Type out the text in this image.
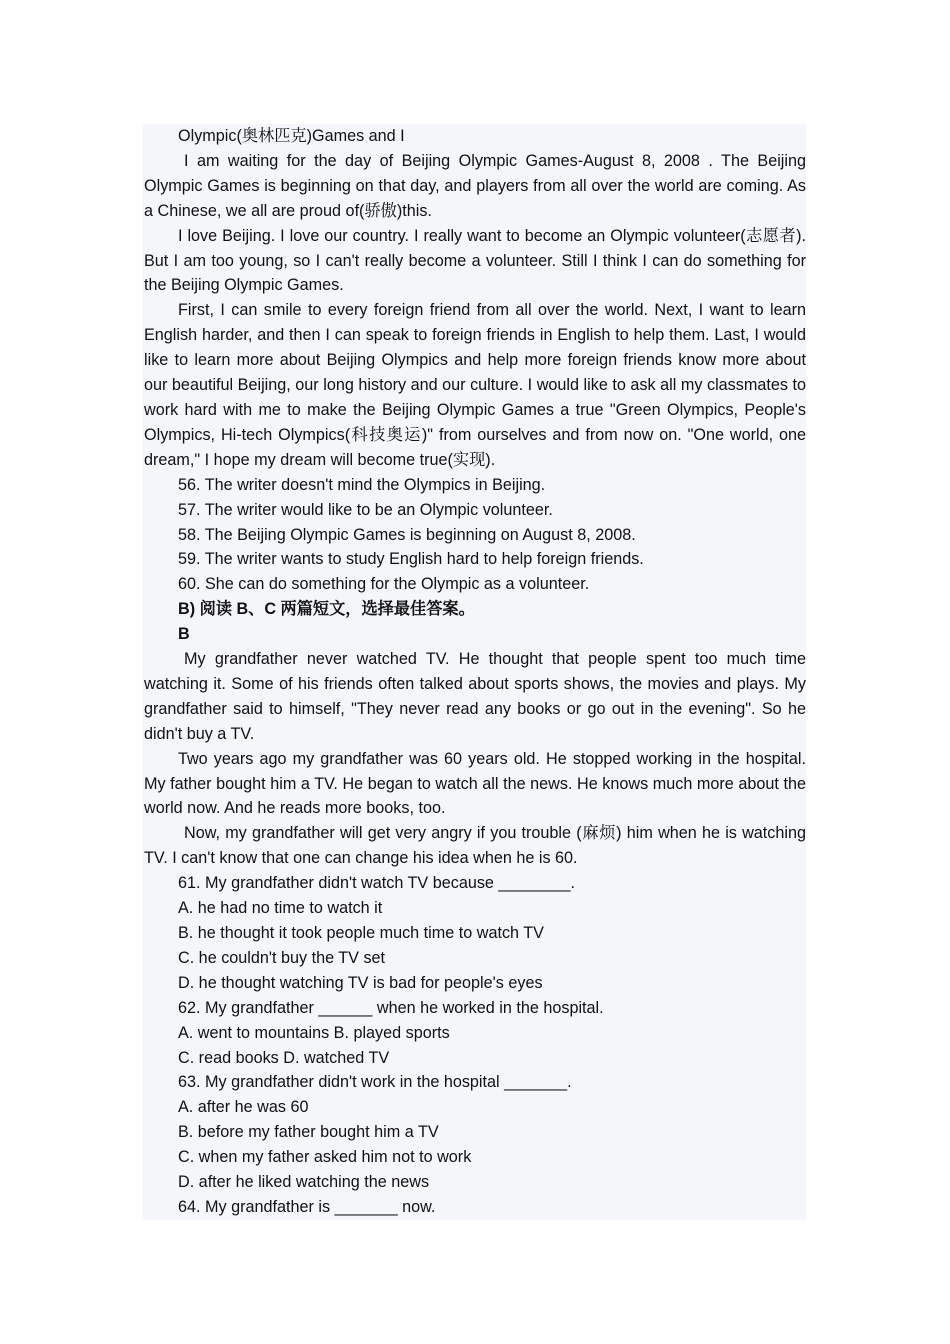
Olympic(奥林匹克)Games and I

I am waiting for the day of Beijing Olympic Games-August 8, 2008 . The Beijing Olympic Games is beginning on that day, and players from all over the world are coming. As a Chinese, we all are proud of(骄傲)this.

I love Beijing. I love our country. I really want to become an Olympic volunteer(志愿者). But I am too young, so I can't really become a volunteer. Still I think I can do something for the Beijing Olympic Games.

First, I can smile to every foreign friend from all over the world. Next, I want to learn English harder, and then I can speak to foreign friends in English to help them. Last, I would like to learn more about Beijing Olympics and help more foreign friends know more about our beautiful Beijing, our long history and our culture. I would like to ask all my classmates to work hard with me to make the Beijing Olympic Games a true "Green Olympics, People's Olympics, Hi-tech Olympics(科技奥运)" from ourselves and from now on. "One world, one dream," I hope my dream will become true(实现).

56. The writer doesn't mind the Olympics in Beijing.

57. The writer would like to be an Olympic volunteer.

58. The Beijing Olympic Games is beginning on August 8, 2008.

59. The writer wants to study English hard to help foreign friends.

60. She can do something for the Olympic as a volunteer.

B) 阅读 B、C 两篇短文，选择最佳答案。

B

My grandfather never watched TV. He thought that people spent too much time watching it. Some of his friends often talked about sports shows, the movies and plays. My grandfather said to himself, "They never read any books or go out in the evening". So he didn't buy a TV.

Two years ago my grandfather was 60 years old. He stopped working in the hospital. My father bought him a TV. He began to watch all the news. He knows much more about the world now. And he reads more books, too.

Now, my grandfather will get very angry if you trouble (麻烦) him when he is watching TV. I can't know that one can change his idea when he is 60.

61. My grandfather didn't watch TV because ________.

A. he had no time to watch it

B. he thought it took people much time to watch TV

C. he couldn't buy the TV set

D. he thought watching TV is bad for people's eyes

62. My grandfather ______ when he worked in the hospital.

A. went to mountains B. played sports

C. read books D. watched TV

63. My grandfather didn't work in the hospital _______.

A. after he was 60

B. before my father bought him a TV

C. when my father asked him not to work

D. after he liked watching the news

64. My grandfather is _______ now.
